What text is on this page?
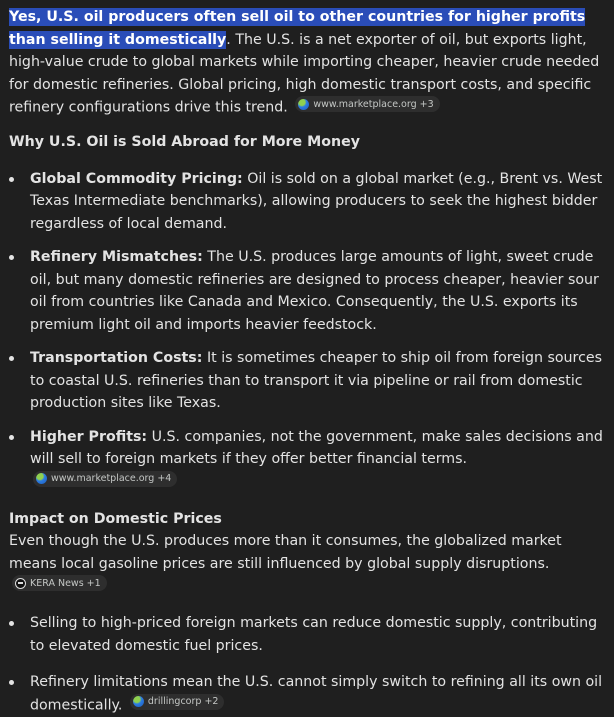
Yes, U.S. oil producers often sell oil to other countries for higher profits than selling it domestically. The U.S. is a net exporter of oil, but exports light, high-value crude to global markets while importing cheaper, heavier crude needed for domestic refineries. Global pricing, high domestic transport costs, and specific refinery configurations drive this trend.	www.marketplace.org +3

Why U.S. Oil is Sold Abroad for More Money
Global Commodity Pricing: Oil is sold on a global market (e.g., Brent vs. West Texas Intermediate benchmarks), allowing producers to seek the highest bidder regardless of local demand.
Refinery Mismatches: The U.S. produces large amounts of light, sweet crude oil, but many domestic refineries are designed to process cheaper, heavier sour oil from countries like Canada and Mexico. Consequently, the U.S. exports its premium light oil and imports heavier feedstock.
Transportation Costs: It is sometimes cheaper to ship oil from foreign sources to coastal U.S. refineries than to transport it via pipeline or rail from domestic production sites like Texas.
Higher Profits: U.S. companies, not the government, make sales decisions and will sell to foreign markets if they offer better financial terms.
www.marketplace.org +4
Impact on Domestic Prices

Even though the U.S. produces more than it consumes, the globalized market means local gasoline prices are still influenced by global supply disruptions.
KERA News +1

Selling to high-priced foreign markets can reduce domestic supply, contributing to elevated domestic fuel prices.
Refinery limitations mean the U.S. cannot simply switch to refining all its own oil domestically.	drillingcorp +2
